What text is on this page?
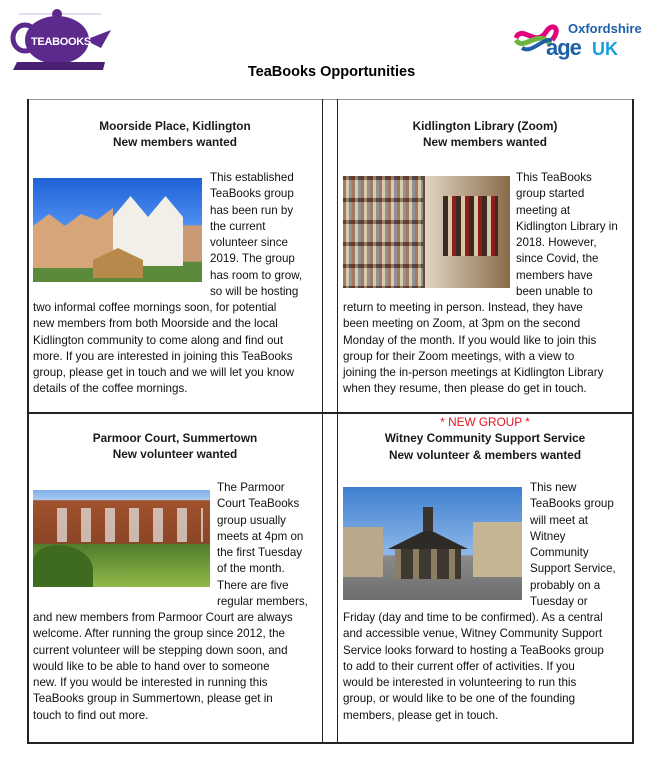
TEABOOKS
Oxfordshire
age UK
TeaBooks Opportunities
Moorside Place, Kidlington
New members wanted
This established
TeaBooks group
has been run by
the current
volunteer since
2019. The group
has room to grow,
so will be hosting
two informal coffee mornings soon, for potential
new members from both Moorside and the local
Kidlington community to come along and find out
more. If you are interested in joining this TeaBooks
group, please get in touch and we will let you know
details of the coffee mornings.
Kidlington Library (Zoom)
New members wanted
This TeaBooks
group started
meeting at
Kidlington Library in
2018. However,
since Covid, the
members have
been unable to
return to meeting in person. Instead, they have
been meeting on Zoom, at 3pm on the second
Monday of the month. If you would like to join this
group for their Zoom meetings, with a view to
joining the in-person meetings at Kidlington Library
when they resume, then please do get in touch.
Parmoor Court, Summertown
New volunteer wanted
The Parmoor
Court TeaBooks
group usually
meets at 4pm on
the first Tuesday
of the month.
There are five
regular members,
and new members from Parmoor Court are always
welcome. After running the group since 2012, the
current volunteer will be stepping down soon, and
would like to be able to hand over to someone
new. If you would be interested in running this
TeaBooks group in Summertown, please get in
touch to find out more.
* NEW GROUP *
Witney Community Support Service
New volunteer & members wanted
This new
TeaBooks group
will meet at
Witney
Community
Support Service,
probably on a
Tuesday or
Friday (day and time to be confirmed). As a central
and accessible venue, Witney Community Support
Service looks forward to hosting a TeaBooks group
to add to their current offer of activities. If you
would be interested in volunteering to run this
group, or would like to be one of the founding
members, please get in touch.
